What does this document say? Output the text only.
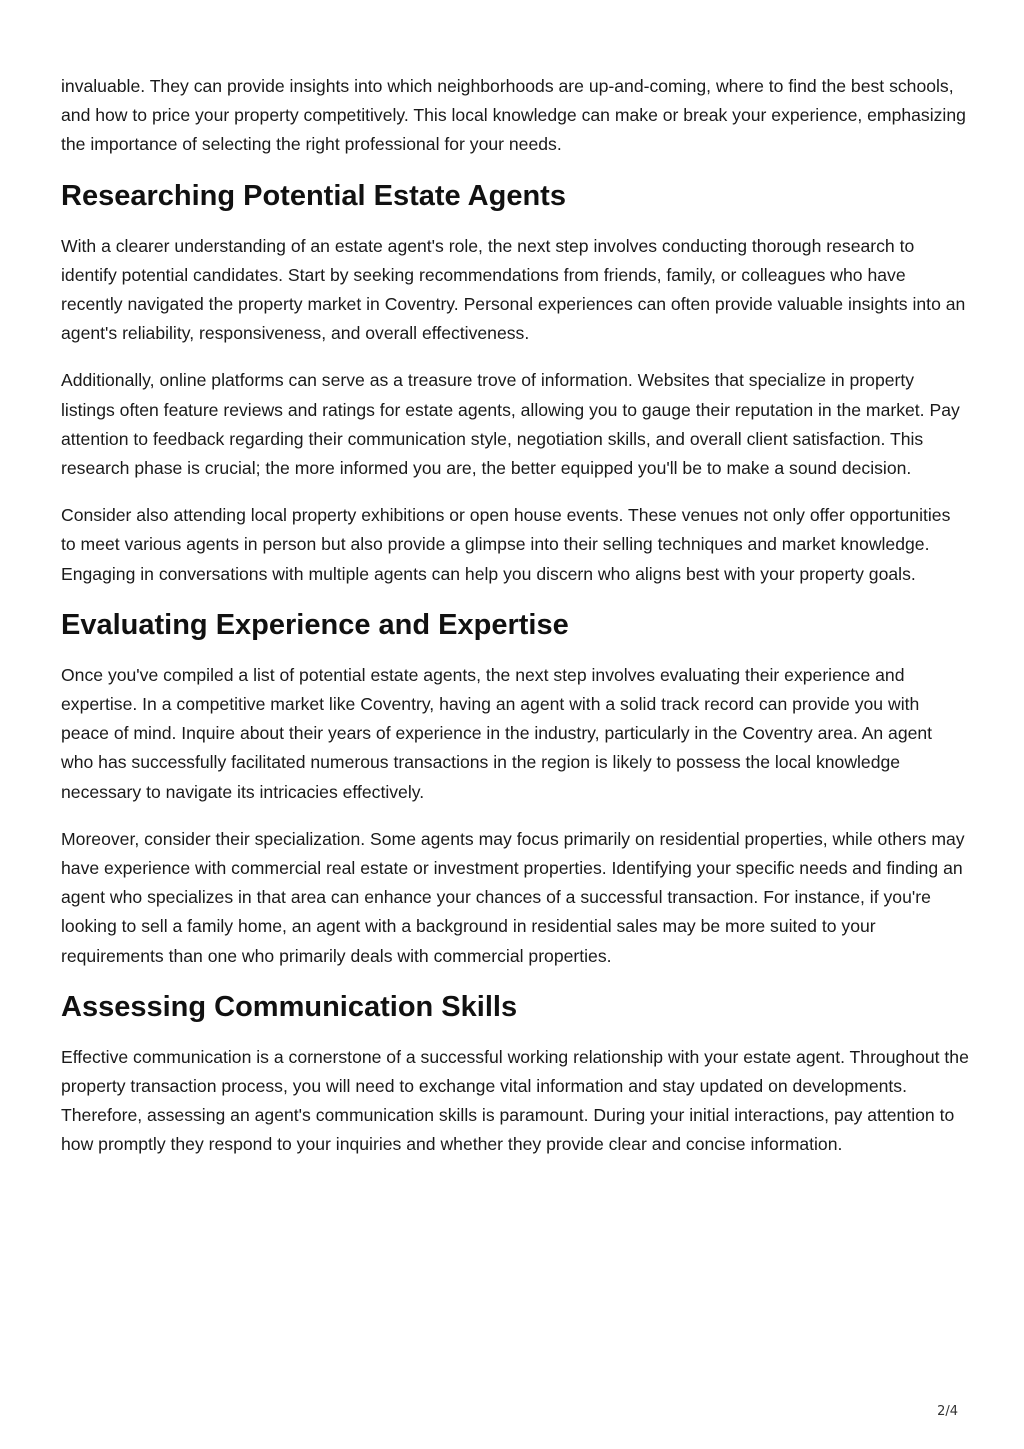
invaluable. They can provide insights into which neighborhoods are up-and-coming, where to find the best schools, and how to price your property competitively. This local knowledge can make or break your experience, emphasizing the importance of selecting the right professional for your needs.

Researching Potential Estate Agents

With a clearer understanding of an estate agent's role, the next step involves conducting thorough research to identify potential candidates. Start by seeking recommendations from friends, family, or colleagues who have recently navigated the property market in Coventry. Personal experiences can often provide valuable insights into an agent's reliability, responsiveness, and overall effectiveness.

Additionally, online platforms can serve as a treasure trove of information. Websites that specialize in property listings often feature reviews and ratings for estate agents, allowing you to gauge their reputation in the market. Pay attention to feedback regarding their communication style, negotiation skills, and overall client satisfaction. This research phase is crucial; the more informed you are, the better equipped you'll be to make a sound decision.

Consider also attending local property exhibitions or open house events. These venues not only offer opportunities to meet various agents in person but also provide a glimpse into their selling techniques and market knowledge. Engaging in conversations with multiple agents can help you discern who aligns best with your property goals.

Evaluating Experience and Expertise

Once you've compiled a list of potential estate agents, the next step involves evaluating their experience and expertise. In a competitive market like Coventry, having an agent with a solid track record can provide you with peace of mind. Inquire about their years of experience in the industry, particularly in the Coventry area. An agent who has successfully facilitated numerous transactions in the region is likely to possess the local knowledge necessary to navigate its intricacies effectively.

Moreover, consider their specialization. Some agents may focus primarily on residential properties, while others may have experience with commercial real estate or investment properties. Identifying your specific needs and finding an agent who specializes in that area can enhance your chances of a successful transaction. For instance, if you're looking to sell a family home, an agent with a background in residential sales may be more suited to your requirements than one who primarily deals with commercial properties.

Assessing Communication Skills

Effective communication is a cornerstone of a successful working relationship with your estate agent. Throughout the property transaction process, you will need to exchange vital information and stay updated on developments. Therefore, assessing an agent's communication skills is paramount. During your initial interactions, pay attention to how promptly they respond to your inquiries and whether they provide clear and concise information.

2/4
